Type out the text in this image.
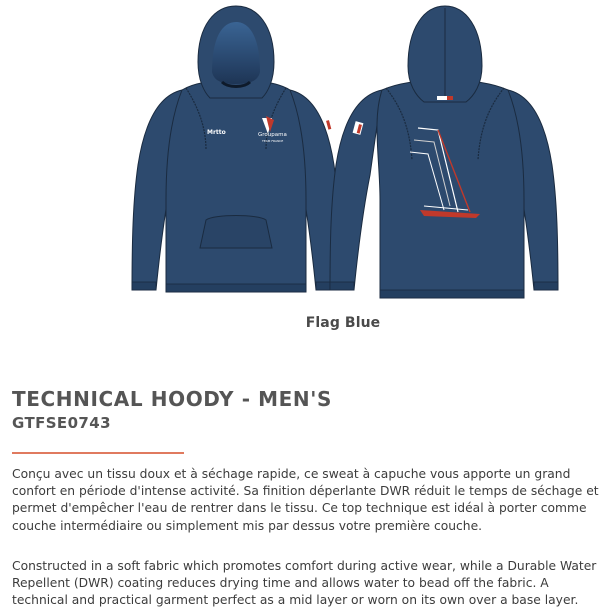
Mrtto	Groupama
TEAM FRANCE
Flag Blue
TECHNICAL HOODY - MEN'S
GTFSE0743

Conçu avec un tissu doux et à séchage rapide, ce sweat à capuche vous apporte un grand confort en période d'intense activité. Sa finition déperlante DWR réduit le temps de séchage et permet d'empêcher l'eau de rentrer dans le tissu. Ce top technique est idéal à porter comme couche intermédiaire ou simplement mis par dessus votre première couche.

Constructed in a soft fabric which promotes comfort during active wear, while a Durable Water Repellent (DWR) coating reduces drying time and allows water to bead off the fabric. A technical and practical garment perfect as a mid layer or worn on its own over a base layer.
